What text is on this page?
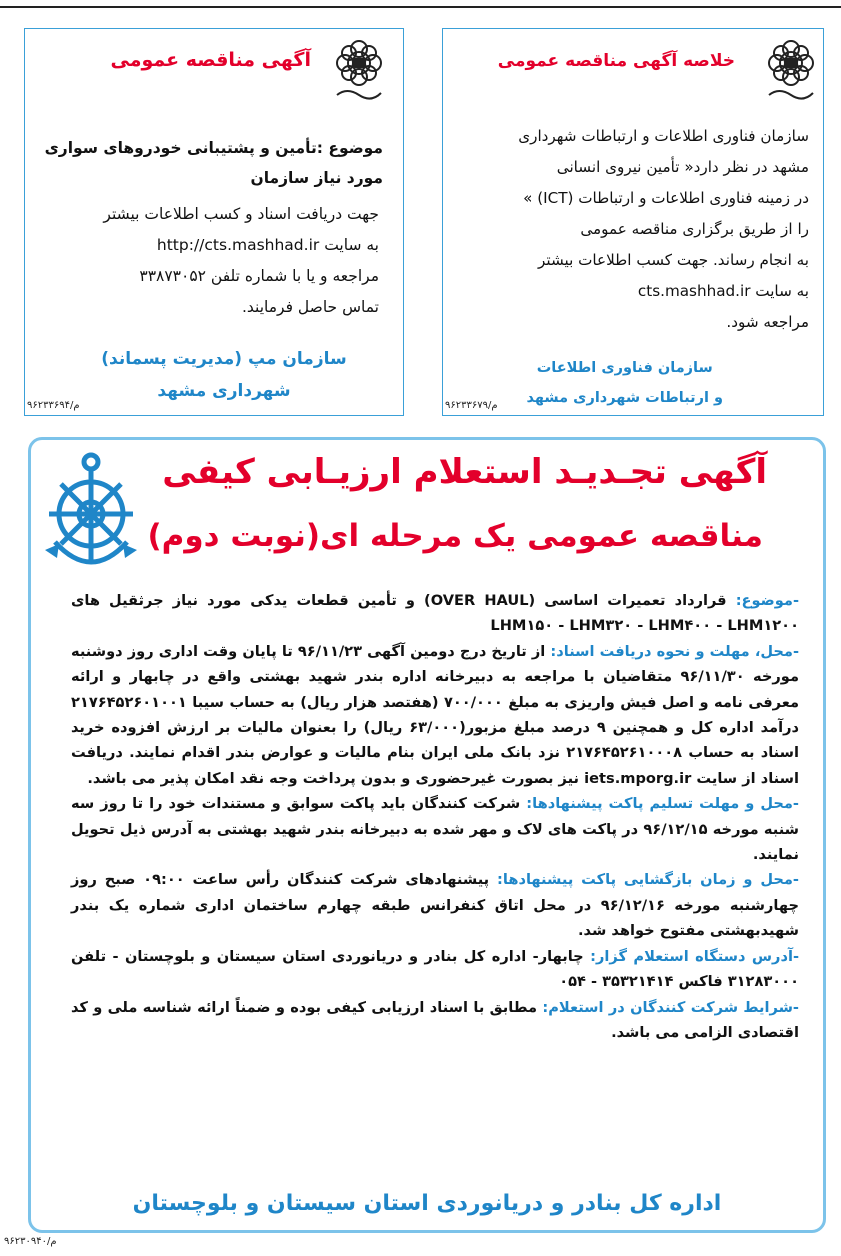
آگهی مناقصه عمومی
موضوع :تأمین و پشتیبانی خودروهای سواری
مورد نیاز سازمان
جهت دریافت اسناد و کسب اطلاعات بیشتر
به سایت http://cts.mashhad.ir
مراجعه و یا با شماره تلفن ۳۳۸۷۳۰۵۲
تماس حاصل فرمایند.
سازمان مپ (مدیریت پسماند)
شهرداری مشهد
م/۹۶۲۳۳۶۹۴
خلاصه آگهی مناقصه عمومی
سازمان فناوری اطلاعات و ارتباطات شهرداری
مشهد در نظر دارد« تأمین نیروی انسانی
در زمینه فناوری اطلاعات و ارتباطات (ICT) »
را از طریق برگزاری مناقصه عمومی
به انجام رساند. جهت کسب اطلاعات بیشتر
به سایت cts.mashhad.ir
مراجعه شود.
سازمان فناوری اطلاعات
و ارتباطات شهرداری مشهد
م/۹۶۲۳۳۶۷۹
آگهی تجـدیـد استعلام ارزیـابی کیفی
مناقصه عمومی یک مرحله ای(نوبت دوم)
-موضوع: قرارداد تعمیرات اساسی (OVER HAUL) و تأمین قطعات یدکی مورد نیاز جرثقیل های LHM۱۵۰ - LHM۳۲۰ - LHM۴۰۰ - LHM۱۲۰۰
-محل، مهلت و نحوه دریافت اسناد: از تاریخ درج دومین آگهی ۹۶/۱۱/۲۳ تا پایان وقت اداری روز دوشنبه مورخه ۹۶/۱۱/۳۰ متقاضیان با مراجعه به دبیرخانه اداره بندر شهید بهشتی واقع در چابهار و ارائه معرفی نامه و اصل فیش واریزی به مبلغ ۷۰۰/۰۰۰ (هفتصد هزار ریال) به حساب سیبا ۲۱۷۶۴۵۲۶۰۱۰۰۱ درآمد اداره کل و همچنین ۹ درصد مبلغ مزبور(۶۳/۰۰۰ ریال) را بعنوان مالیات بر ارزش افزوده خرید اسناد به حساب ۲۱۷۶۴۵۲۶۱۰۰۰۸ نزد بانک ملی ایران بنام مالیات و عوارض بندر اقدام نمایند. دریافت اسناد از سایت iets.mporg.ir نیز بصورت غیرحضوری و بدون پرداخت وجه نقد امکان پذیر می باشد.
-محل و مهلت تسلیم پاکت پیشنهادها: شرکت کنندگان باید پاکت سوابق و مستندات خود را تا روز سه شنبه مورخه ۹۶/۱۲/۱۵ در پاکت های لاک و مهر شده به دبیرخانه بندر شهید بهشتی به آدرس ذیل تحویل نمایند.
-محل و زمان بازگشایی پاکت پیشنهادها: پیشنهادهای شرکت کنندگان رأس ساعت ۰۹:۰۰ صبح روز چهارشنبه مورخه ۹۶/۱۲/۱۶ در محل اتاق کنفرانس طبقه چهارم ساختمان اداری شماره یک بندر شهیدبهشتی مفتوح خواهد شد.
-آدرس دستگاه استعلام گزار: چابهار- اداره کل بنادر و دریانوردی استان سیستان و بلوچستان - تلفن ۳۱۲۸۳۰۰۰ فاکس ۳۵۳۲۱۴۱۴ - ۰۵۴
-شرایط شرکت کنندگان در استعلام: مطابق با اسناد ارزیابی کیفی بوده و ضمناً ارائه شناسه ملی و کد اقتصادی الزامی می باشد.
اداره کل بنادر و دریانوردی استان سیستان و بلوچستان
م/۹۶۲۳۰۹۴۰
